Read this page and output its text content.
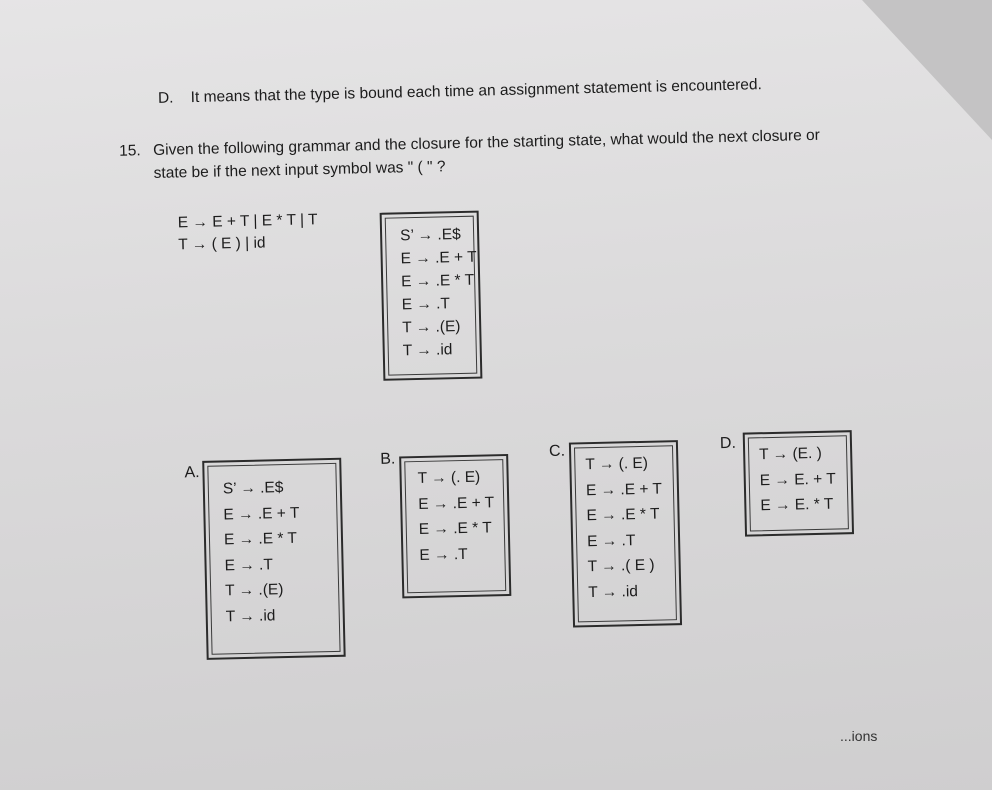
D. It means that the type is bound each time an assignment statement is encountered.
15. Given the following grammar and the closure for the starting state, what would the next closure or
state be if the next input symbol was " ( " ?
E → E + T | E * T | T
T → ( E ) | id	S’ → .E$
E → .E + T
E → .E * T
E → .T
T → .(E)
T → .id
A.
S’ → .E$
E → .E + T
E → .E * T
E → .T
T → .(E)
T → .id
B.
T → (. E)
E → .E + T
E → .E * T
E → .T
C.
T → (. E)
E → .E + T
E → .E * T
E → .T
T → .( E )
T → .id
D.
T → (E. )
E → E. + T
E → E. * T
...ions
